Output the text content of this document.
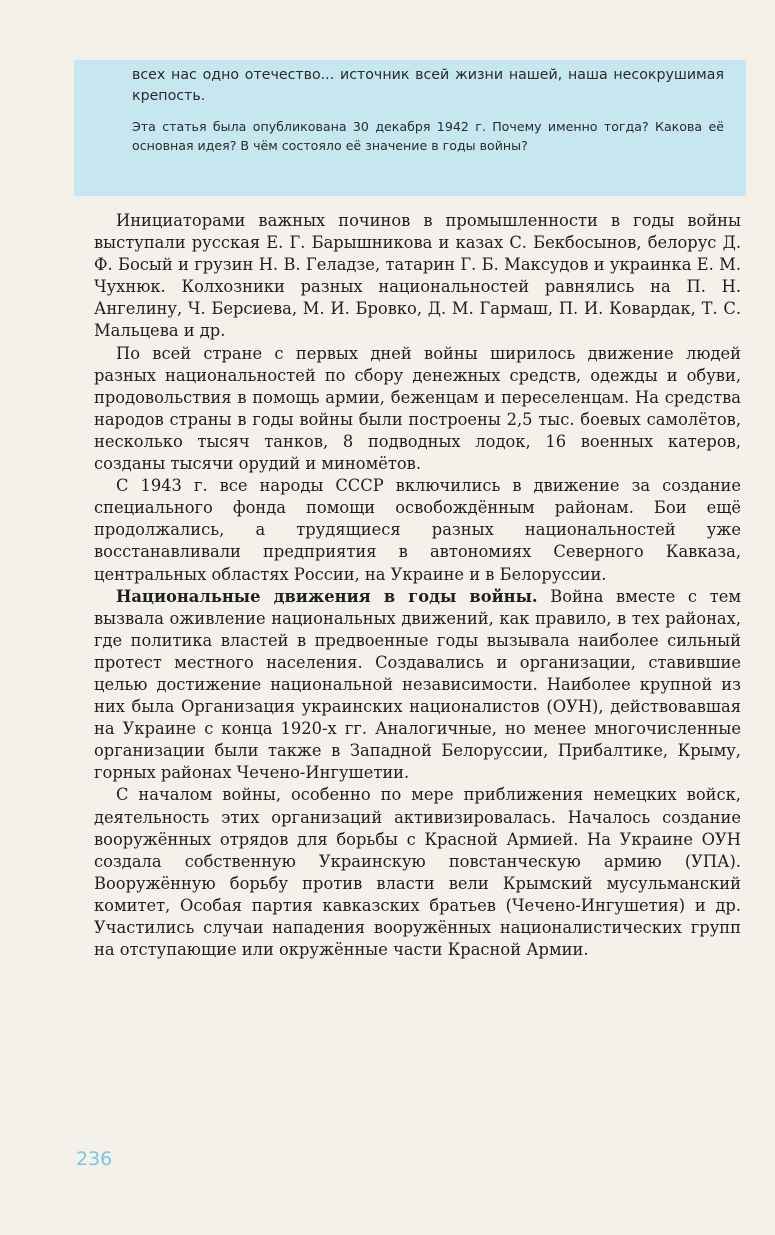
всех нас одно отечество... источник всей жизни нашей, наша несокрушимая крепость.

Эта статья была опубликована 30 декабря 1942 г. Почему именно тогда? Какова её основная идея? В чём состояло её значение в годы войны?

Инициаторами важных починов в промышленности в годы войны выступали русская Е. Г. Барышникова и казах С. Бекбосынов, белорус Д. Ф. Босый и грузин Н. В. Геладзе, татарин Г. Б. Максудов и украинка Е. М. Чухнюк. Колхозники разных национальностей равнялись на П. Н. Ангелину, Ч. Берсиева, М. И. Бровко, Д. М. Гармаш, П. И. Ковардак, Т. С. Мальцева и др.

По всей стране с первых дней войны ширилось движение людей разных национальностей по сбору денежных средств, одежды и обуви, продовольствия в помощь армии, беженцам и переселенцам. На средства народов страны в годы войны были построены 2,5 тыс. боевых самолётов, несколько тысяч танков, 8 подводных лодок, 16 военных катеров, созданы тысячи орудий и миномётов.

С 1943 г. все народы СССР включились в движение за создание специального фонда помощи освобождённым районам. Бои ещё продолжались, а трудящиеся разных национальностей уже восстанавливали предприятия в автономиях Северного Кавказа, центральных областях России, на Украине и в Белоруссии.

Национальные движения в годы войны. Война вместе с тем вызвала оживление национальных движений, как правило, в тех районах, где политика властей в предвоенные годы вызывала наиболее сильный протест местного населения. Создавались и организации, ставившие целью достижение национальной независимости. Наиболее крупной из них была Организация украинских националистов (ОУН), действовавшая на Украине с конца 1920-х гг. Аналогичные, но менее многочисленные организации были также в Западной Белоруссии, Прибалтике, Крыму, горных районах Чечено-Ингушетии.

С началом войны, особенно по мере приближения немецких войск, деятельность этих организаций активизировалась. Началось создание вооружённых отрядов для борьбы с Красной Армией. На Украине ОУН создала собственную Украинскую повстанческую армию (УПА). Вооружённую борьбу против власти вели Крымский мусульманский комитет, Особая партия кавказских братьев (Чечено-Ингушетия) и др. Участились случаи нападения вооружённых националистических групп на отступающие или окружённые части Красной Армии.

236
